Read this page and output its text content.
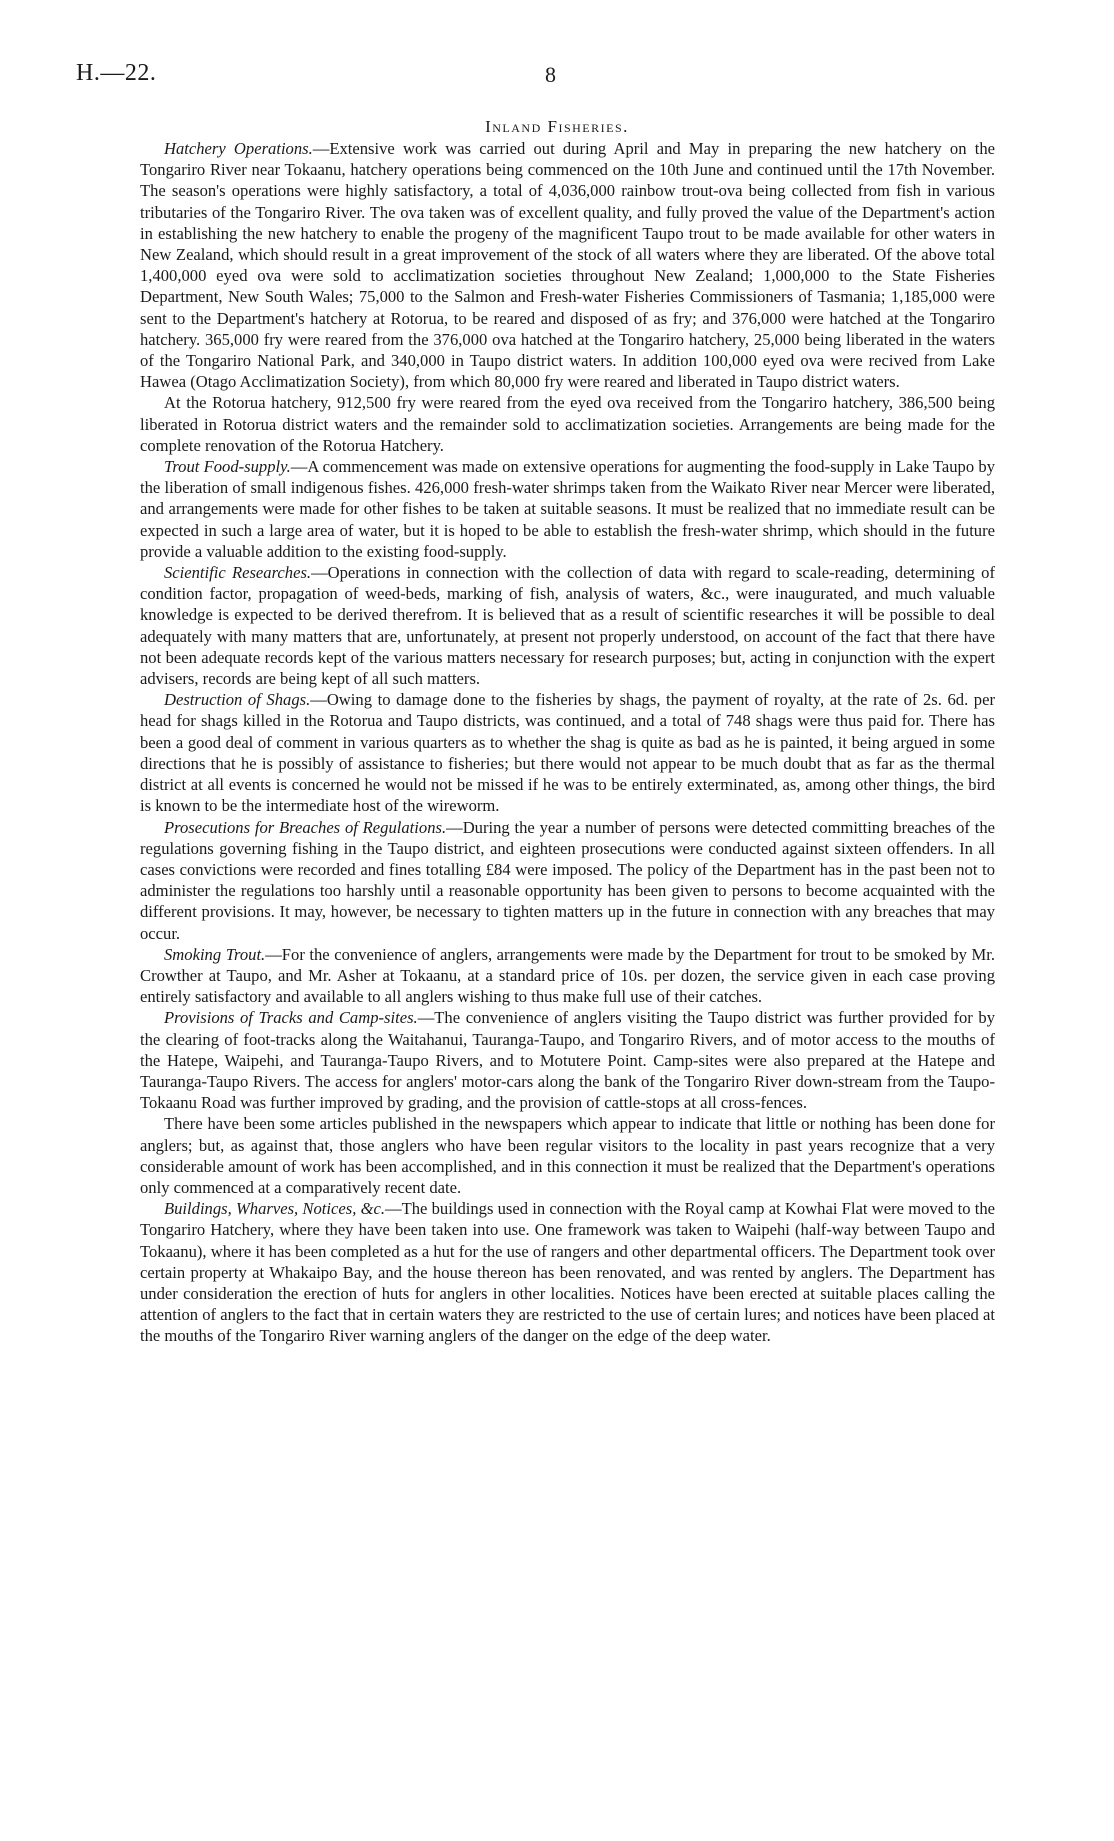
H.—22.	8
Inland Fisheries.

Hatchery Operations.—Extensive work was carried out during April and May in preparing the new hatchery on the Tongariro River near Tokaanu, hatchery operations being commenced on the 10th June and continued until the 17th November. The season's operations were highly satisfactory, a total of 4,036,000 rainbow trout-ova being collected from fish in various tributaries of the Tongariro River. The ova taken was of excellent quality, and fully proved the value of the Department's action in establishing the new hatchery to enable the progeny of the magnificent Taupo trout to be made available for other waters in New Zealand, which should result in a great improvement of the stock of all waters where they are liberated. Of the above total 1,400,000 eyed ova were sold to acclimatization societies throughout New Zealand; 1,000,000 to the State Fisheries Department, New South Wales; 75,000 to the Salmon and Fresh-water Fisheries Commissioners of Tasmania; 1,185,000 were sent to the Department's hatchery at Rotorua, to be reared and disposed of as fry; and 376,000 were hatched at the Tongariro hatchery. 365,000 fry were reared from the 376,000 ova hatched at the Tongariro hatchery, 25,000 being liberated in the waters of the Tongariro National Park, and 340,000 in Taupo district waters. In addition 100,000 eyed ova were recived from Lake Hawea (Otago Acclimatization Society), from which 80,000 fry were reared and liberated in Taupo district waters.

At the Rotorua hatchery, 912,500 fry were reared from the eyed ova received from the Tongariro hatchery, 386,500 being liberated in Rotorua district waters and the remainder sold to acclimatization societies. Arrangements are being made for the complete renovation of the Rotorua Hatchery.

Trout Food-supply.—A commencement was made on extensive operations for augmenting the food-supply in Lake Taupo by the liberation of small indigenous fishes. 426,000 fresh-water shrimps taken from the Waikato River near Mercer were liberated, and arrangements were made for other fishes to be taken at suitable seasons. It must be realized that no immediate result can be expected in such a large area of water, but it is hoped to be able to establish the fresh-water shrimp, which should in the future provide a valuable addition to the existing food-supply.

Scientific Researches.—Operations in connection with the collection of data with regard to scale-reading, determining of condition factor, propagation of weed-beds, marking of fish, analysis of waters, &c., were inaugurated, and much valuable knowledge is expected to be derived therefrom. It is believed that as a result of scientific researches it will be possible to deal adequately with many matters that are, unfortunately, at present not properly understood, on account of the fact that there have not been adequate records kept of the various matters necessary for research purposes; but, acting in conjunction with the expert advisers, records are being kept of all such matters.

Destruction of Shags.—Owing to damage done to the fisheries by shags, the payment of royalty, at the rate of 2s. 6d. per head for shags killed in the Rotorua and Taupo districts, was continued, and a total of 748 shags were thus paid for. There has been a good deal of comment in various quarters as to whether the shag is quite as bad as he is painted, it being argued in some directions that he is possibly of assistance to fisheries; but there would not appear to be much doubt that as far as the thermal district at all events is concerned he would not be missed if he was to be entirely exterminated, as, among other things, the bird is known to be the intermediate host of the wireworm.

Prosecutions for Breaches of Regulations.—During the year a number of persons were detected committing breaches of the regulations governing fishing in the Taupo district, and eighteen prosecutions were conducted against sixteen offenders. In all cases convictions were recorded and fines totalling £84 were imposed. The policy of the Department has in the past been not to administer the regulations too harshly until a reasonable opportunity has been given to persons to become acquainted with the different provisions. It may, however, be necessary to tighten matters up in the future in connection with any breaches that may occur.

Smoking Trout.—For the convenience of anglers, arrangements were made by the Department for trout to be smoked by Mr. Crowther at Taupo, and Mr. Asher at Tokaanu, at a standard price of 10s. per dozen, the service given in each case proving entirely satisfactory and available to all anglers wishing to thus make full use of their catches.

Provisions of Tracks and Camp-sites.—The convenience of anglers visiting the Taupo district was further provided for by the clearing of foot-tracks along the Waitahanui, Tauranga-Taupo, and Tongariro Rivers, and of motor access to the mouths of the Hatepe, Waipehi, and Tauranga-Taupo Rivers, and to Motutere Point. Camp-sites were also prepared at the Hatepe and Tauranga-Taupo Rivers. The access for anglers' motor-cars along the bank of the Tongariro River down-stream from the Taupo-Tokaanu Road was further improved by grading, and the provision of cattle-stops at all cross-fences.

There have been some articles published in the newspapers which appear to indicate that little or nothing has been done for anglers; but, as against that, those anglers who have been regular visitors to the locality in past years recognize that a very considerable amount of work has been accomplished, and in this connection it must be realized that the Department's operations only commenced at a comparatively recent date.

Buildings, Wharves, Notices, &c.—The buildings used in connection with the Royal camp at Kowhai Flat were moved to the Tongariro Hatchery, where they have been taken into use. One framework was taken to Waipehi (half-way between Taupo and Tokaanu), where it has been completed as a hut for the use of rangers and other departmental officers. The Department took over certain property at Whakaipo Bay, and the house thereon has been renovated, and was rented by anglers. The Department has under consideration the erection of huts for anglers in other localities. Notices have been erected at suitable places calling the attention of anglers to the fact that in certain waters they are restricted to the use of certain lures; and notices have been placed at the mouths of the Tongariro River warning anglers of the danger on the edge of the deep water.
